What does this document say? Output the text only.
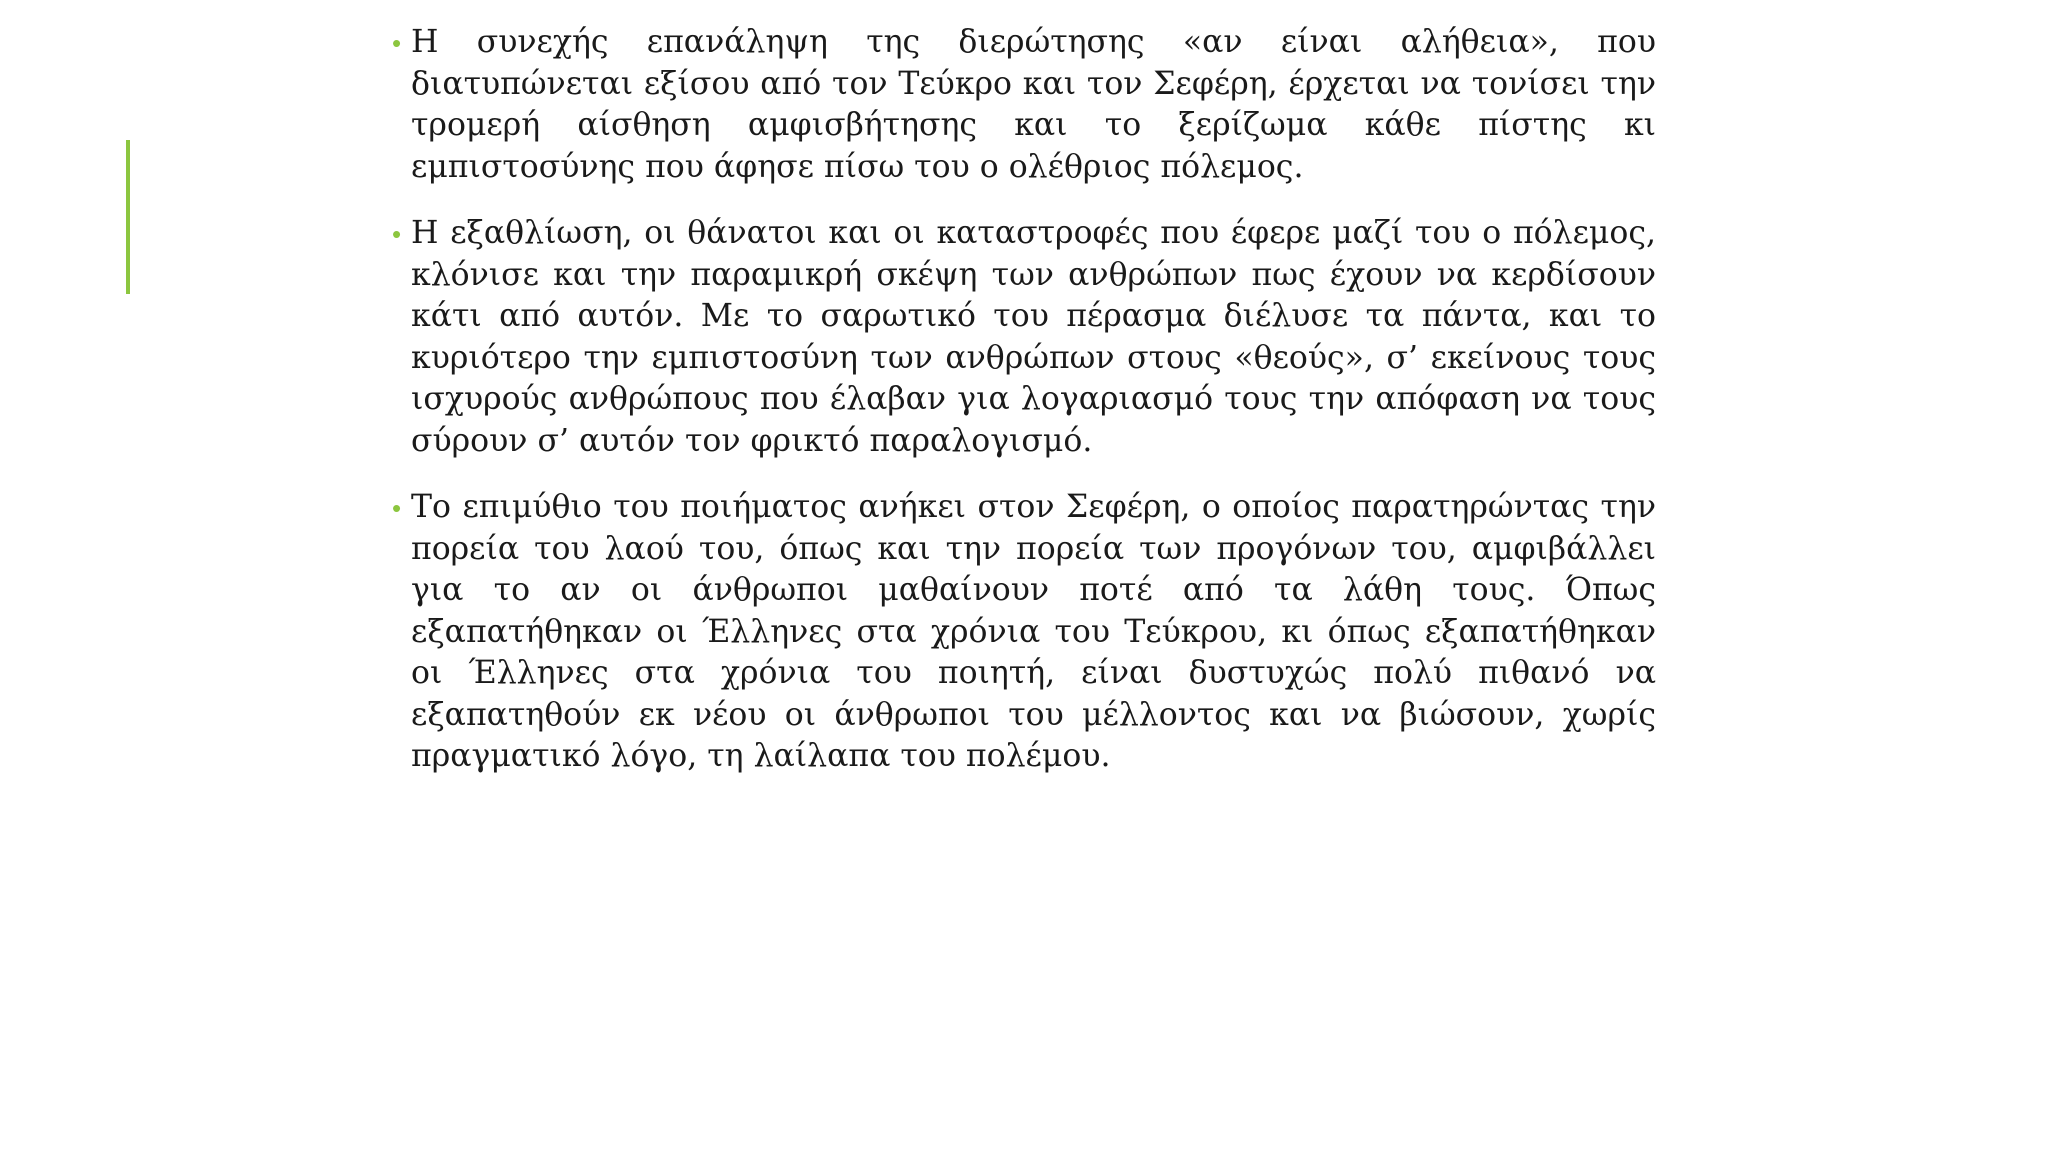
• Η συνεχής επανάληψη της διερώτησης «αν είναι αλήθεια», που διατυπώνεται εξίσου από τον Τεύκρο και τον Σεφέρη, έρχεται να τονίσει την τρομερή αίσθηση αμφισβήτησης και το ξερίζωμα κάθε πίστης κι εμπιστοσύνης που άφησε πίσω του ο ολέθριος πόλεμος.

• Η εξαθλίωση, οι θάνατοι και οι καταστροφές που έφερε μαζί του ο πόλεμος, κλόνισε και την παραμικρή σκέψη των ανθρώπων πως έχουν να κερδίσουν κάτι από αυτόν. Με το σαρωτικό του πέρασμα διέλυσε τα πάντα, και το κυριότερο την εμπιστοσύνη των ανθρώπων στους «θεούς», σ’ εκείνους τους ισχυρούς ανθρώπους που έλαβαν για λογαριασμό τους την απόφαση να τους σύρουν σ’ αυτόν τον φρικτό παραλογισμό.

• Το επιμύθιο του ποιήματος ανήκει στον Σεφέρη, ο οποίος παρατηρώντας την πορεία του λαού του, όπως και την πορεία των προγόνων του, αμφιβάλλει για το αν οι άνθρωποι μαθαίνουν ποτέ από τα λάθη τους. Όπως εξαπατήθηκαν οι Έλληνες στα χρόνια του Τεύκρου, κι όπως εξαπατήθηκαν οι Έλληνες στα χρόνια του ποιητή, είναι δυστυχώς πολύ πιθανό να εξαπατηθούν εκ νέου οι άνθρωποι του μέλλοντος και να βιώσουν, χωρίς πραγματικό λόγο, τη λαίλαπα του πολέμου.
